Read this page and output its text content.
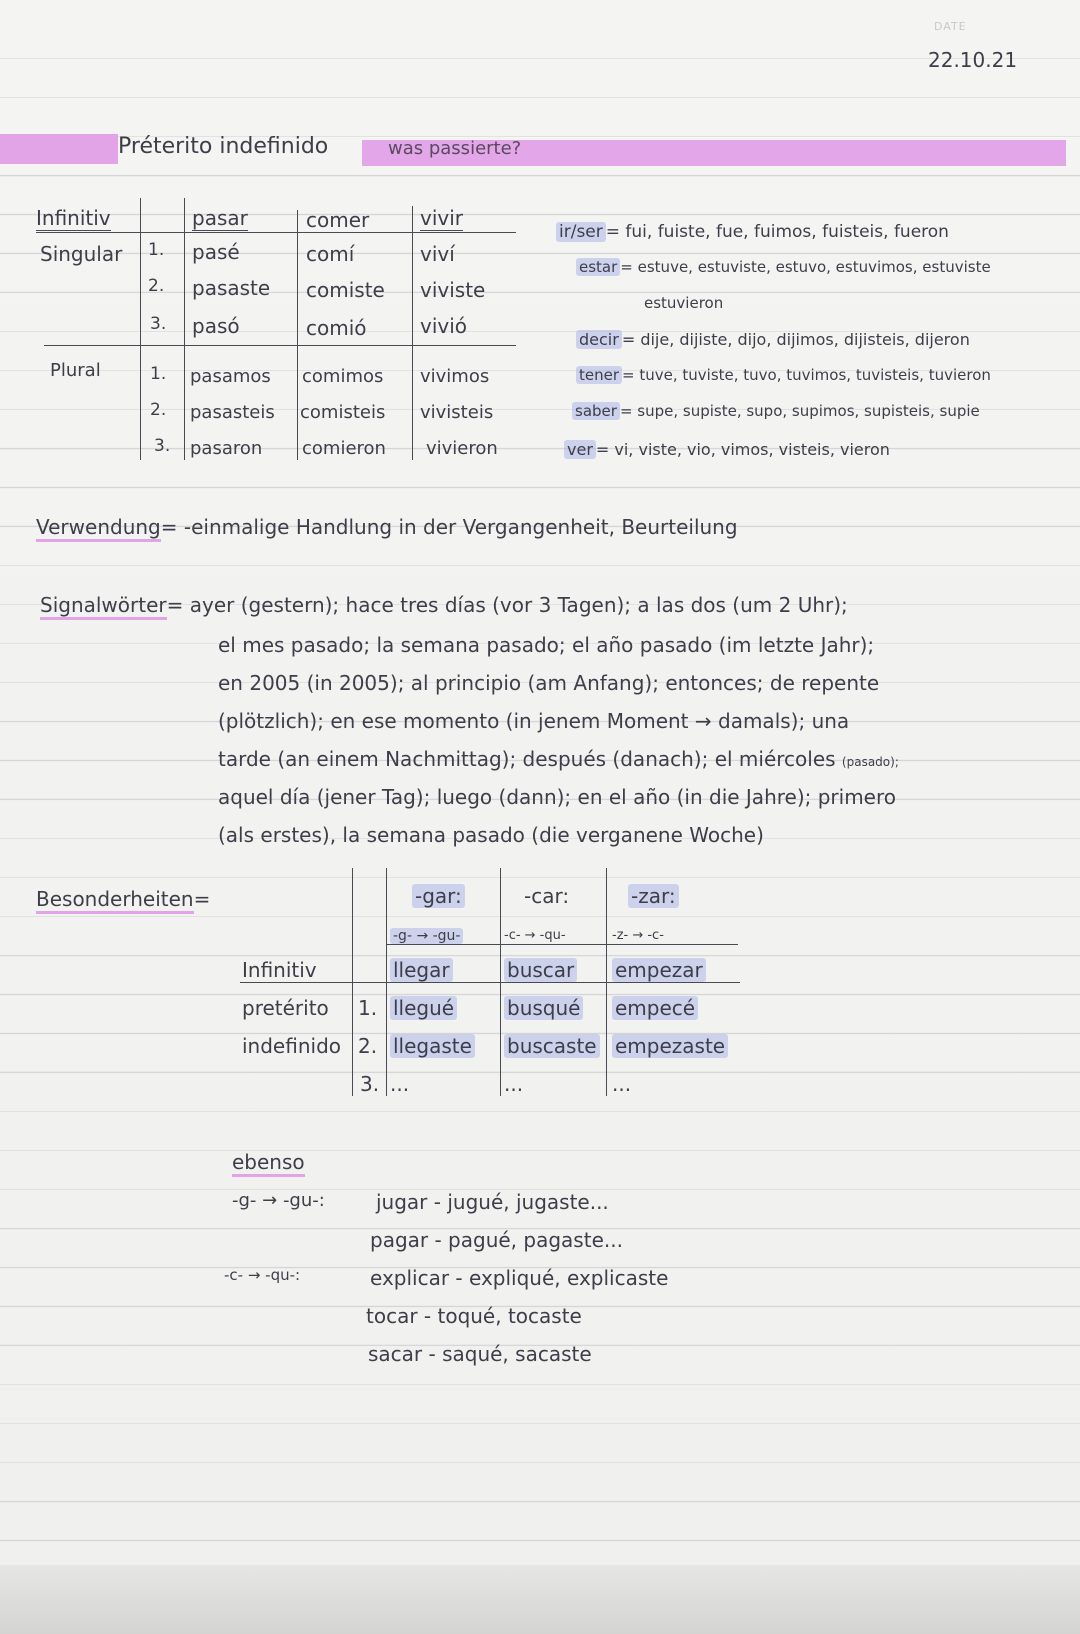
DATE
22.10.21
Préterito indefinido	was passierte?
Infinitiv
Singular
Plural
pasar	comer	vivir
1. pasé	comí	viví
2. pasaste comiste viviste
3. pasó	comió	vivió
1. pasamos comimos vivimos
2. pasasteis comisteis vivisteis
3. pasaron comieron vivieron
ir/ser = fui, fuiste, fue, fuimos, fuisteis, fueron
estar = estuve, estuviste, estuvo, estuvimos, estuviste
estuvieron
decir = dije, dijiste, dijo, dijimos, dijisteis, dijeron
tener = tuve, tuviste, tuvo, tuvimos, tuvisteis, tuvieron
saber = supe, supiste, supo, supimos, supisteis, supie
ver = vi, viste, vio, vimos, visteis, vieron
Verwendung= -einmalige Handlung in der Vergangenheit, Beurteilung
Signalwörter= ayer (gestern); hace tres días (vor 3 Tagen); a las dos (um 2 Uhr);
el mes pasado; la semana pasado; el año pasado (im letzte Jahr);
en 2005 (in 2005); al principio (am Anfang); entonces; de repente
(plötzlich); en ese momento (in jenem Moment → damals); una
tarde (an einem Nachmittag); después (danach); el miércoles (pasado);
aquel día (jener Tag); luego (dann); en el año (in die Jahre); primero
(als erstes), la semana pasado (die verganene Woche)
Besonderheiten=	-gar:	-car:	-zar:
-g- → -gu-	-c- → -qu-	-z- → -c-
Infinitiv	llegar	buscar empezar
pretérito
indefinido
1. llegué	busqué empecé
2. llegaste buscaste empezaste
3. ...	...	...
ebenso
-g- → -gu-:
-c- → -qu-:
jugar - jugué, jugaste...
pagar - pagué, pagaste...
explicar - expliqué, explicaste
tocar - toqué, tocaste
sacar - saqué, sacaste
